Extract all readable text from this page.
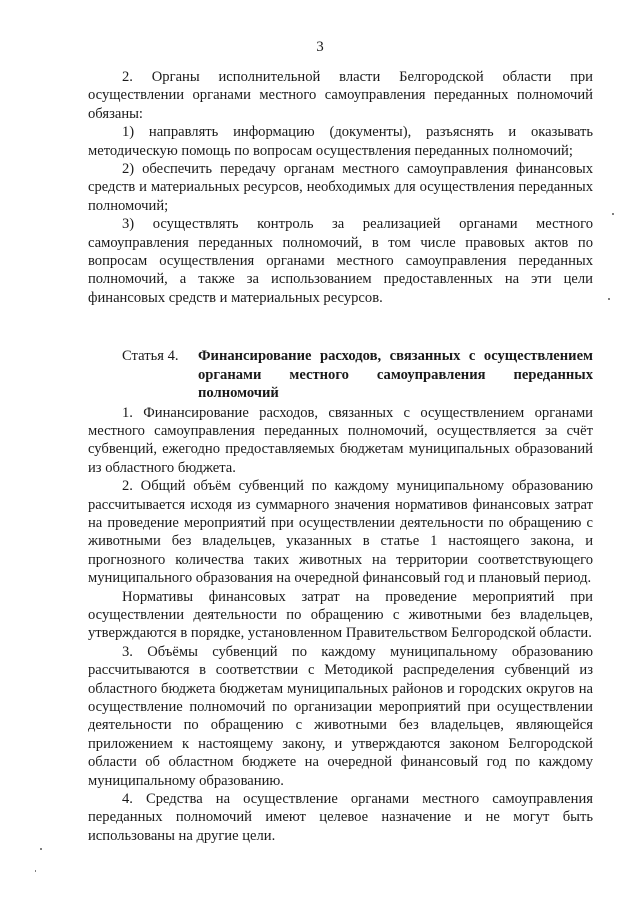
3

2. Органы исполнительной власти Белгородской области при осуществлении органами местного самоуправления переданных полномочий обязаны:

1) направлять информацию (документы), разъяснять и оказывать методическую помощь по вопросам осуществления переданных полномочий;

2) обеспечить передачу органам местного самоуправления финансовых средств и материальных ресурсов, необходимых для осуществления переданных полномочий;

3) осуществлять контроль за реализацией органами местного самоуправления переданных полномочий, в том числе правовых актов по вопросам осуществления органами местного самоуправления переданных полномочий, а также за использованием предоставленных на эти цели финансовых средств и материальных ресурсов.

Статья 4.	Финансирование расходов, связанных с осуществлением органами местного самоуправления переданных полномочий

1. Финансирование расходов, связанных с осуществлением органами местного самоуправления переданных полномочий, осуществляется за счёт субвенций, ежегодно предоставляемых бюджетам муниципальных образований из областного бюджета.

2. Общий объём субвенций по каждому муниципальному образованию рассчитывается исходя из суммарного значения нормативов финансовых затрат на проведение мероприятий при осуществлении деятельности по обращению с животными без владельцев, указанных в статье 1 настоящего закона, и прогнозного количества таких животных на территории соответствующего муниципального образования на очередной финансовый год и плановый период.

Нормативы финансовых затрат на проведение мероприятий при осуществлении деятельности по обращению с животными без владельцев, утверждаются в порядке, установленном Правительством Белгородской области.

3. Объёмы субвенций по каждому муниципальному образованию рассчитываются в соответствии с Методикой распределения субвенций из областного бюджета бюджетам муниципальных районов и городских округов на осуществление полномочий по организации мероприятий при осуществлении деятельности по обращению с животными без владельцев, являющейся приложением к настоящему закону, и утверждаются законом Белгородской области об областном бюджете на очередной финансовый год по каждому муниципальному образованию.

4. Средства на осуществление органами местного самоуправления переданных полномочий имеют целевое назначение и не могут быть использованы на другие цели.
